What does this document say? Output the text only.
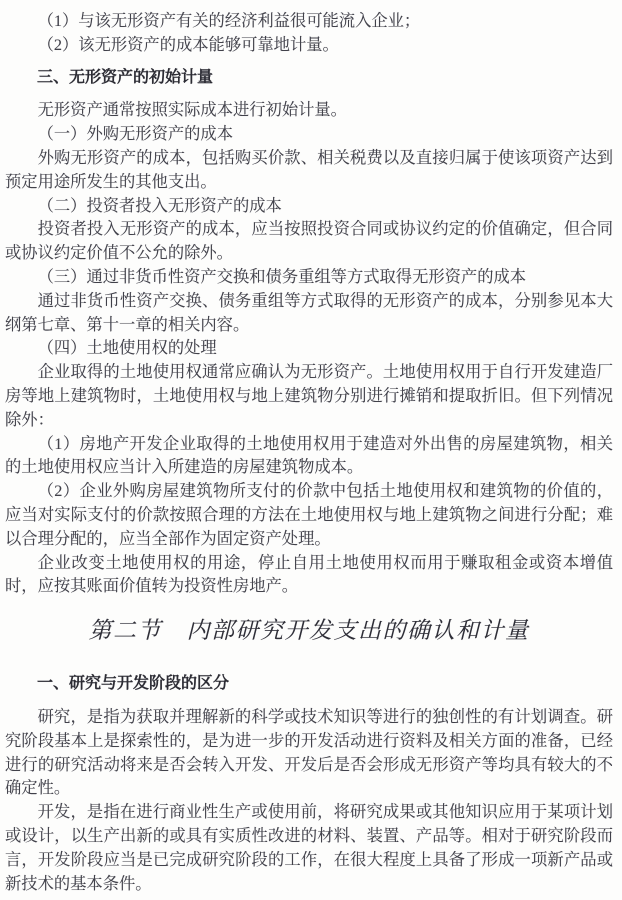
（1）与该无形资产有关的经济利益很可能流入企业；

（2）该无形资产的成本能够可靠地计量。

三、无形资产的初始计量

无形资产通常按照实际成本进行初始计量。

（一）外购无形资产的成本

外购无形资产的成本，包括购买价款、相关税费以及直接归属于使该项资产达到预定用途所发生的其他支出。

（二）投资者投入无形资产的成本

投资者投入无形资产的成本，应当按照投资合同或协议约定的价值确定，但合同或协议约定价值不公允的除外。

（三）通过非货币性资产交换和债务重组等方式取得无形资产的成本

通过非货币性资产交换、债务重组等方式取得的无形资产的成本，分别参见本大纲第七章、第十一章的相关内容。

（四）土地使用权的处理

企业取得的土地使用权通常应确认为无形资产。土地使用权用于自行开发建造厂房等地上建筑物时，土地使用权与地上建筑物分别进行摊销和提取折旧。但下列情况除外：

（1）房地产开发企业取得的土地使用权用于建造对外出售的房屋建筑物，相关的土地使用权应当计入所建造的房屋建筑物成本。

（2）企业外购房屋建筑物所支付的价款中包括土地使用权和建筑物的价值的，应当对实际支付的价款按照合理的方法在土地使用权与地上建筑物之间进行分配；难以合理分配的，应当全部作为固定资产处理。

企业改变土地使用权的用途，停止自用土地使用权而用于赚取租金或资本增值时，应按其账面价值转为投资性房地产。

第二节　内部研究开发支出的确认和计量
一、研究与开发阶段的区分

研究，是指为获取并理解新的科学或技术知识等进行的独创性的有计划调查。研究阶段基本上是探索性的，是为进一步的开发活动进行资料及相关方面的准备，已经进行的研究活动将来是否会转入开发、开发后是否会形成无形资产等均具有较大的不确定性。

开发，是指在进行商业性生产或使用前，将研究成果或其他知识应用于某项计划或设计，以生产出新的或具有实质性改进的材料、装置、产品等。相对于研究阶段而言，开发阶段应当是已完成研究阶段的工作，在很大程度上具备了形成一项新产品或新技术的基本条件。
